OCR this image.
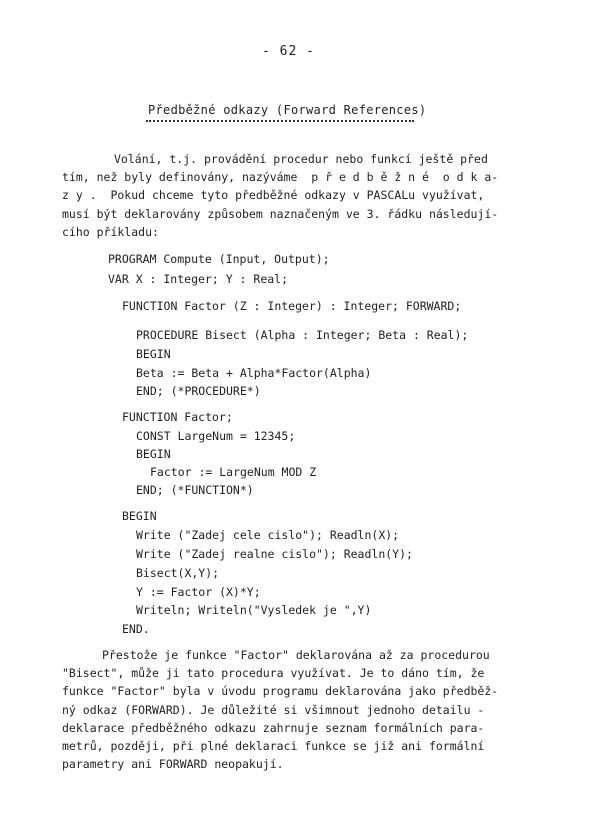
- 62 -
Předběžné odkazy (Forward References)
Volání, t.j. provádění procedur nebo funkcí ještě před
tím, než byly definovány, nazýváme  p ř e d b ě ž n é  o d k a-
z y .  Pokud chceme tyto předběžné odkazy v PASCALu využívat,
musí být deklarovány způsobem naznačeným ve 3. řádku následují-
cího příkladu:
PROGRAM Compute (Input, Output);
VAR X : Integer; Y : Real;
FUNCTION Factor (Z : Integer) : Integer; FORWARD;
PROCEDURE Bisect (Alpha : Integer; Beta : Real);
BEGIN
Beta := Beta + Alpha*Factor(Alpha)
END; (*PROCEDURE*)
FUNCTION Factor;
CONST LargeNum = 12345;
BEGIN
Factor := LargeNum MOD Z
END; (*FUNCTION*)
BEGIN
Write ("Zadej cele cislo"); Readln(X);
Write ("Zadej realne cislo"); Readln(Y);
Bisect(X,Y);
Y := Factor (X)*Y;
Writeln; Writeln("Vysledek je ",Y)
END.
Přestože je funkce "Factor" deklarována až za procedurou
"Bisect", může ji tato procedura využívat. Je to dáno tím, že
funkce "Factor" byla v úvodu programu deklarována jako předběž-
ný odkaz (FORWARD). Je důležité si všimnout jednoho detailu -
deklarace předběžného odkazu zahrnuje seznam formálních para-
metrů, později, při plné deklaraci funkce se již ani formální
parametry ani FORWARD neopakují.
